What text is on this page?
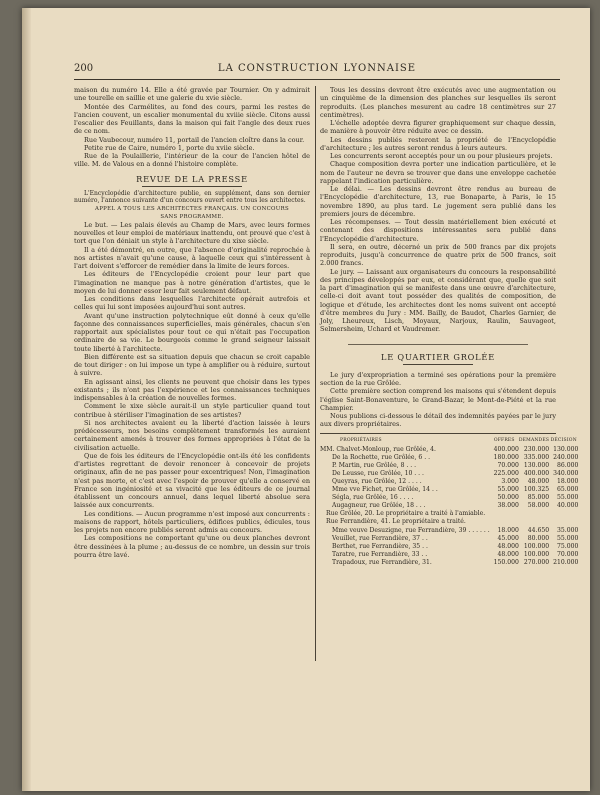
200	LA CONSTRUCTION LYONNAISE

maison du numéro 14. Elle a été gravée par Tournier. On y admirait une tourelle en saillie et une galerie du xvie siècle.

Montée des Carmélites, au fond des cours, parmi les restes de l'ancien couvent, un escalier monumental du xviiie siècle. Citons aussi l'escalier des Feuillants, dans la maison qui fait l'angle des deux rues de ce nom.

Rue Vaubecour, numéro 11, portail de l'ancien cloître dans la cour.

Petite rue de Caire, numéro 1, porte du xviie siècle.

Rue de la Poulaillerie, l'intérieur de la cour de l'ancien hôtel de ville. M. de Valous en a donné l'histoire complète.

REVUE DE LA PRESSE

L'Encyclopédie d'architecture publie, en supplément, dans son dernier numéro, l'annonce suivante d'un concours ouvert entre tous les architectes.

APPEL A TOUS LES ARCHITECTES FRANÇAIS. UN CONCOURS
SANS PROGRAMME.

Le but. — Les palais élevés au Champ de Mars, avec leurs formes nouvelles et leur emploi de matériaux inattendu, ont prouvé que c'est à tort que l'on déniait un style à l'architecture du xixe siècle.

Il a été démontré, en outre, que l'absence d'originalité reprochée à nos artistes n'avait qu'une cause, à laquelle ceux qui s'intéressent à l'art doivent s'efforcer de remédier dans la limite de leurs forces.

Les éditeurs de l'Encyclopédie croient pour leur part que l'imagination ne manque pas à notre génération d'artistes, que le moyen de lui donner essor leur fait seulement défaut.

Les conditions dans lesquelles l'architecte opérait autrefois et celles qui lui sont imposées aujourd'hui sont autres.

Avant qu'une instruction polytechnique eût donné à ceux qu'elle façonne des connaissances superficielles, mais générales, chacun s'en rapportait aux spécialistes pour tout ce qui n'était pas l'occupation ordinaire de sa vie. Le bourgeois comme le grand seigneur laissait toute liberté à l'architecte.

Bien différente est sa situation depuis que chacun se croit capable de tout diriger : on lui impose un type à amplifier ou à réduire, surtout à suivre.

En agissant ainsi, les clients ne peuvent que choisir dans les types existants ; ils n'ont pas l'expérience et les connaissances techniques indispensables à la création de nouvelles formes.

Comment le xixe siècle aurait-il un style particulier quand tout contribue à stériliser l'imagination de ses artistes?

Si nos architectes avaient eu la liberté d'action laissée à leurs prédécesseurs, nos besoins complètement transformés les auraient certainement amenés à trouver des formes appropriées à l'état de la civilisation actuelle.

Que de fois les éditeurs de l'Encyclopédie ont-ils été les confidents d'artistes regrettant de devoir renoncer à concevoir de projets originaux, afin de ne pas passer pour excentriques! Non, l'imagination n'est pas morte, et c'est avec l'espoir de prouver qu'elle a conservé en France son ingéniosité et sa vivacité que les éditeurs de ce journal établissent un concours annuel, dans lequel liberté absolue sera laissée aux concurrents.

Les conditions. — Aucun programme n'est imposé aux concurrents : maisons de rapport, hôtels particuliers, édifices publics, édicules, tous les projets non encore publiés seront admis au concours.

Les compositions ne comportant qu'une ou deux planches devront être dessinées à la plume ; au-dessus de ce nombre, un dessin sur trois pourra être lavé.

Tous les dessins devront être exécutés avec une augmentation ou un cinquième de la dimension des planches sur lesquelles ils seront reproduits. (Les planches mesurent au cadre 18 centimètres sur 27 centimètres).

L'échelle adoptée devra figurer graphiquement sur chaque dessin, de manière à pouvoir être réduite avec ce dessin.

Les dessins publiés resteront la propriété de l'Encyclopédie d'architecture ; les autres seront rendus à leurs auteurs.

Les concurrents seront acceptés pour un ou pour plusieurs projets.

Chaque composition devra porter une indication particulière, et le nom de l'auteur ne devra se trouver que dans une enveloppe cachetée rappelant l'indication particulière.

Le délai. — Les dessins devront être rendus au bureau de l'Encyclopédie d'architecture, 13, rue Bonaparte, à Paris, le 15 novembre 1890, au plus tard. Le jugement sera publié dans les premiers jours de décembre.

Les récompenses. — Tout dessin matériellement bien exécuté et contenant des dispositions intéressantes sera publié dans l'Encyclopédie d'architecture.

Il sera, en outre, décerné un prix de 500 francs par dix projets reproduits, jusqu'à concurrence de quatre prix de 500 francs, soit 2.000 francs.

Le jury. — Laissant aux organisateurs du concours la responsabilité des principes développés par eux, et considérant que, quelle que soit la part d'imagination qui se manifeste dans une œuvre d'architecture, celle-ci doit avant tout posséder des qualités de composition, de logique et d'étude, les architectes dont les noms suivent ont accepté d'être membres du Jury : MM. Bailly, de Baudot, Charles Garnier, de Joly, Lheureux, Lisch, Moyaux, Narjoux, Raulin, Sauvageot, Selmersheim, Uchard et Vaudremer.

LE QUARTIER GROLÉE

Le jury d'expropriation a terminé ses opérations pour la première section de la rue Grôlée.

Cette première section comprend les maisons qui s'étendent depuis l'église Saint-Bonaventure, le Grand-Bazar, le Mont-de-Piété et la rue Champier.

Nous publions ci-dessous le détail des indemnités payées par le jury aux divers propriétaires.

PROPRIÉTAIRES	OFFRES	DEMANDES	DÉCISION
MM. Chalvet-Monloup, rue Grôlée, 4.	400.000	230.000	130.000
De la Rochette, rue Grôlée, 6 . .	180.000	335.000	240.000
P. Martin, rue Grôlée, 8 . . .	70.000	130.000	86.000
De Leusse, rue Grôlée, 10 . . .	225.000	400.000	340.000
Queyras, rue Grôlée, 12 . . . .	3.000	48.000	18.000
Mme vve Fichet, rue Grôlée, 14 . .	55.000	100.325	65.000
Ségla, rue Grôlée, 16 . . . .	50.000	85.000	55.000
Augagneur, rue Grôlée, 18 . . .	38.000	58.000	40.000
Rue Grôlée, 20. Le propriétaire a traité à l'amiable.			
Rue Ferrandière, 41. Le propriétaire a traité.			
Mme veuve Desuzigne, rue Ferrandière, 39 . . . . . .	18.000	44.650	35.000
Veuillet, rue Ferrandière, 37 . .	45.000	80.000	55.000
Berthet, rue Ferrandière, 35 . .	48.000	100.000	75.000
Taratre, rue Ferrandière, 33 . .	48.000	100.000	70.000
Trapadoux, rue Ferrandière, 31.	150.000	270.000	210.000
